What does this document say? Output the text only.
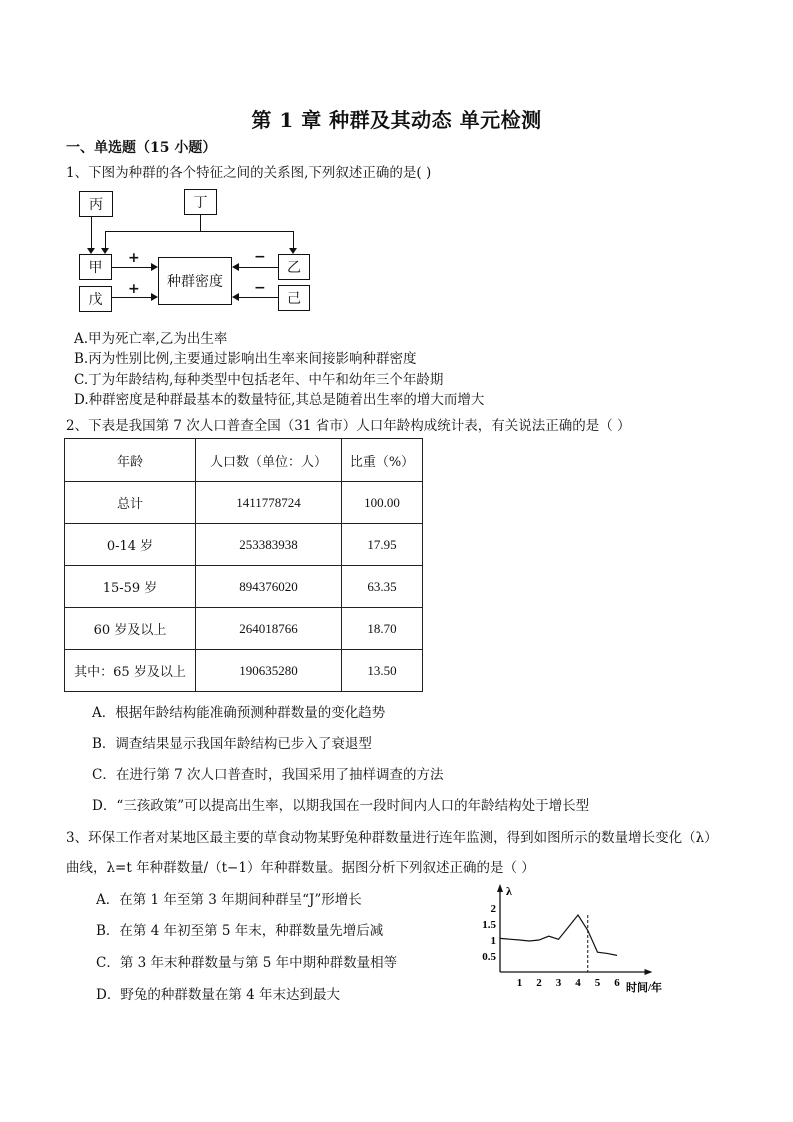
第 1 章 种群及其动态 单元检测
一、单选题（15 小题）
1、下图为种群的各个特征之间的关系图,下列叙述正确的是( )
丙	丁
甲
戊
种群密度
乙
己
+
+
−
−
A.甲为死亡率,乙为出生率
B.丙为性别比例,主要通过影响出生率来间接影响种群密度
C.丁为年龄结构,每种类型中包括老年、中午和幼年三个年龄期
D.种群密度是种群最基本的数量特征,其总是随着出生率的增大而增大
2、下表是我国第 7 次人口普查全国（31 省市）人口年龄构成统计表，有关说法正确的是（ ）
年龄	人口数（单位：人）	比重（%）
总计	1411778724	100.00
0-14 岁	253383938	17.95
15-59 岁	894376020	63.35
60 岁及以上	264018766	18.70
其中：65 岁及以上	190635280	13.50
A．根据年龄结构能准确预测种群数量的变化趋势
B．调查结果显示我国年龄结构已步入了衰退型
C．在进行第 7 次人口普查时，我国采用了抽样调查的方法
D．“三孩政策”可以提高出生率，以期我国在一段时间内人口的年龄结构处于增长型
3、环保工作者对某地区最主要的草食动物某野兔种群数量进行连年监测，得到如图所示的数量增长变化（λ）
曲线，λ=t 年种群数量/（t−1）年种群数量。据图分析下列叙述正确的是（ ）
A．在第 1 年至第 3 年期间种群呈“J”形增长
B．在第 4 年初至第 5 年末，种群数量先增后减
C．第 3 年末种群数量与第 5 年中期种群数量相等
D．野兔的种群数量在第 4 年末达到最大
λ
时间/年
0.5
1
1.5
2
1 2 3 4 5 6
